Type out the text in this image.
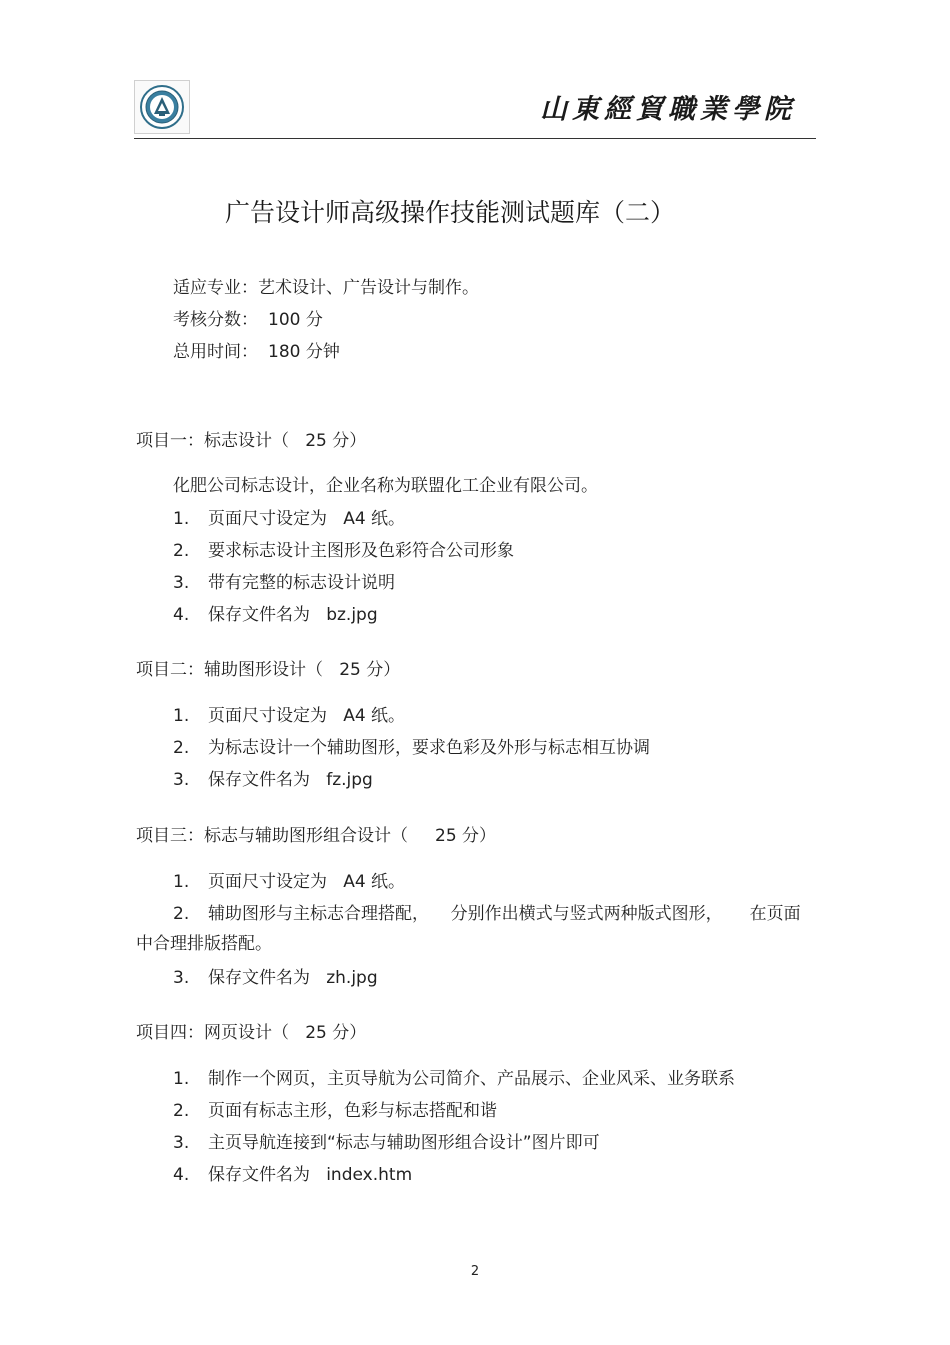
山東經貿職業學院
广告设计师高级操作技能测试题库（二）
适应专业：艺术设计、广告设计与制作。
考核分数： 100 分
总用时间： 180 分钟
项目一：标志设计（   25 分）
化肥公司标志设计，企业名称为联盟化工企业有限公司。
1. 页面尺寸设定为   A4 纸。
2. 要求标志设计主图形及色彩符合公司形象
3. 带有完整的标志设计说明
4. 保存文件名为   bz.jpg
项目二：辅助图形设计（   25 分）
1. 页面尺寸设定为   A4 纸。
2. 为标志设计一个辅助图形，要求色彩及外形与标志相互协调
3. 保存文件名为   fz.jpg
项目三：标志与辅助图形组合设计（     25 分）
1. 页面尺寸设定为   A4 纸。
2. 辅助图形与主标志合理搭配，    分别作出横式与竖式两种版式图形，     在页面
中合理排版搭配。
3. 保存文件名为   zh.jpg
项目四：网页设计（   25 分）
1. 制作一个网页，主页导航为公司简介、产品展示、企业风采、业务联系
2. 页面有标志主形，色彩与标志搭配和谐
3. 主页导航连接到“标志与辅助图形组合设计”图片即可
4. 保存文件名为   index.htm
2
